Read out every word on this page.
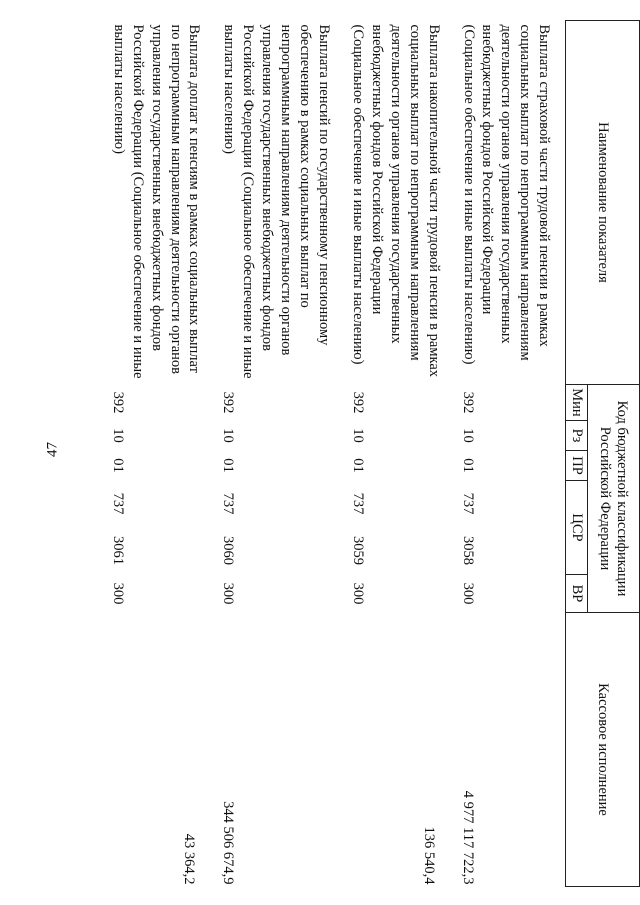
47
Наименование показателя	Код бюджетной классификации Российской Федерации						Кассовое исполнение
	Мин	Рз	ПР	ЦСР		ВР	
Выплата страховой части трудовой пенсии в рамках социальных выплат по непрограммным направлениям деятельности органов управления государственных внебюджетных фондов Российской Федерации (Социальное обеспечение и иные выплаты населению)	392	10	01	737	3058	300	4 977 117 722,3
Выплата накопительной части трудовой пенсии в рамках социальных выплат по непрограммным направлениям деятельности органов управления государственных внебюджетных фондов Российской Федерации (Социальное обеспечение и иные выплаты населению)	392	10	01	737	3059	300	136 540,4
Выплата пенсий по государственному пенсионному обеспечению в рамках социальных выплат по непрограммным направлениям деятельности органов управления государственных внебюджетных фондов Российской Федерации (Социальное обеспечение и иные выплаты населению)	392	10	01	737	3060	300	344 506 674,9
Выплата доплат к пенсиям в рамках социальных выплат по непрограммным направлениям деятельности органов управления государственных внебюджетных фондов Российской Федерации (Социальное обеспечение и иные выплаты населению)	392	10	01	737	3061	300	43 364,2
